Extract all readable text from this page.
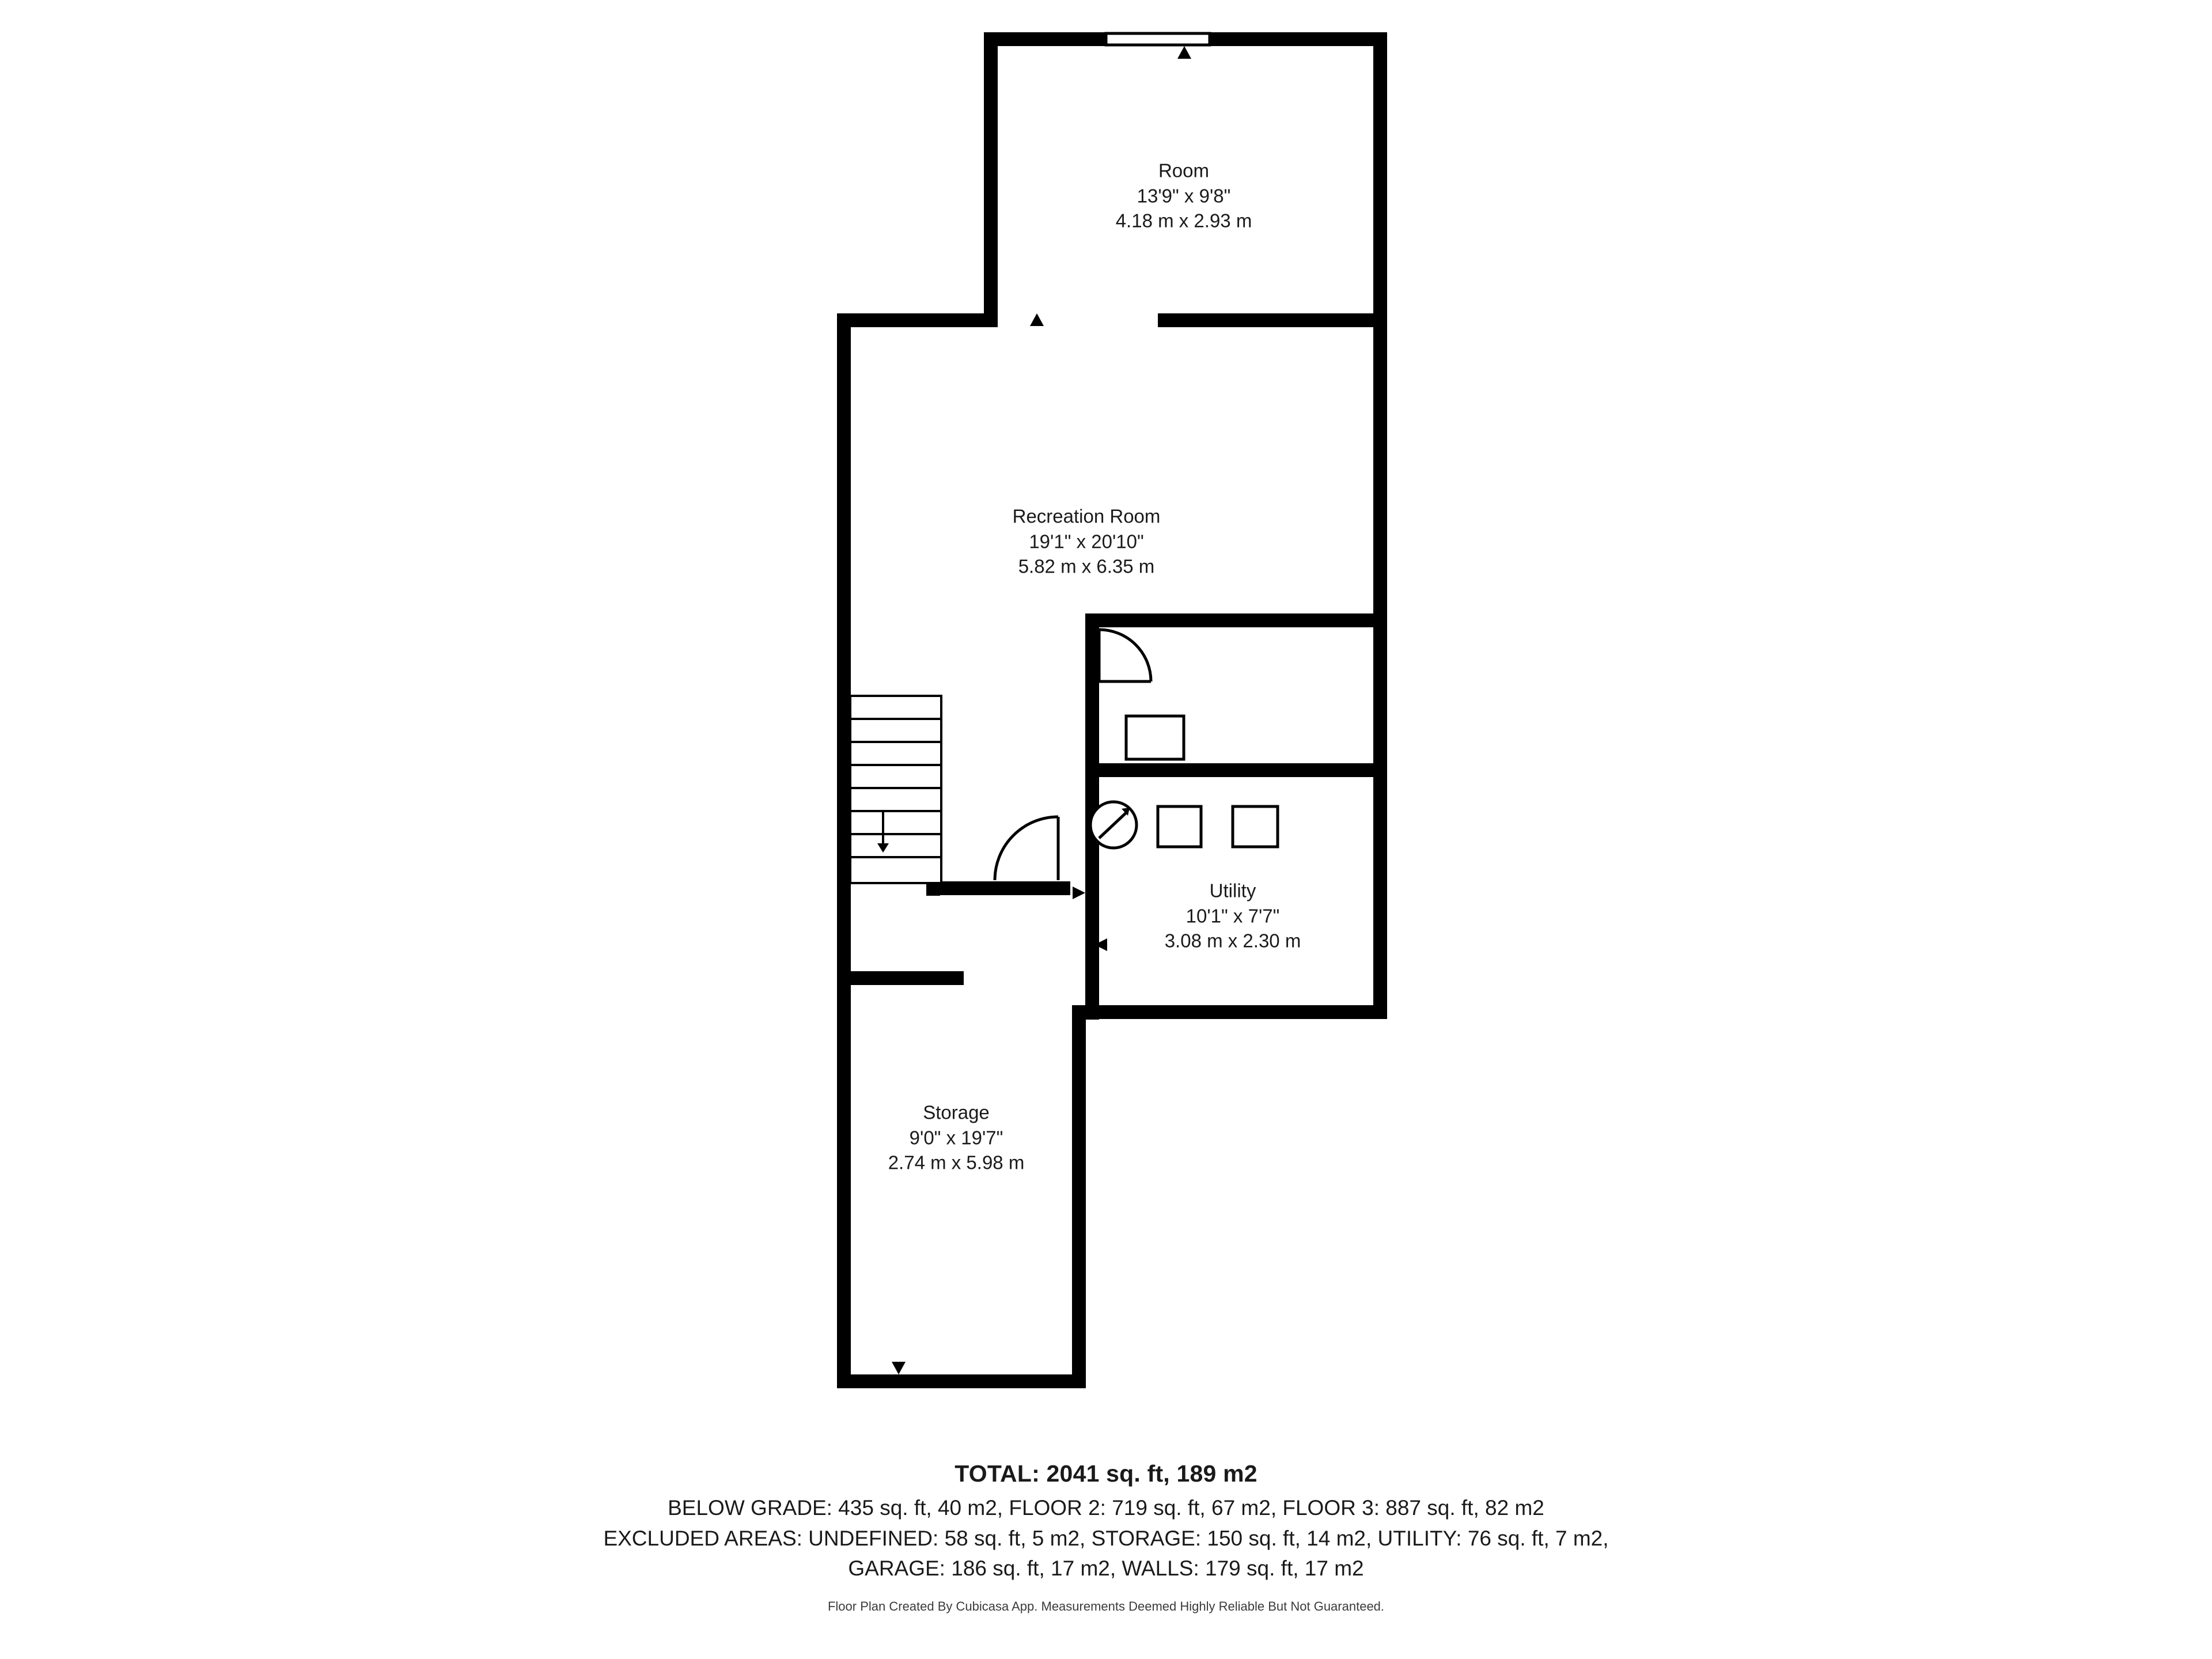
Room
13'9" x 9'8"
4.18 m x 2.93 m
Recreation Room
19'1" x 20'10"
5.82 m x 6.35 m
Utility
10'1" x 7'7"
3.08 m x 2.30 m
Storage
9'0" x 19'7"
2.74 m x 5.98 m
TOTAL: 2041 sq. ft, 189 m2
BELOW GRADE: 435 sq. ft, 40 m2, FLOOR 2: 719 sq. ft, 67 m2, FLOOR 3: 887 sq. ft, 82 m2
EXCLUDED AREAS: UNDEFINED: 58 sq. ft, 5 m2, STORAGE: 150 sq. ft, 14 m2, UTILITY: 76 sq. ft, 7 m2,
GARAGE: 186 sq. ft, 17 m2, WALLS: 179 sq. ft, 17 m2
Floor Plan Created By Cubicasa App. Measurements Deemed Highly Reliable But Not Guaranteed.
